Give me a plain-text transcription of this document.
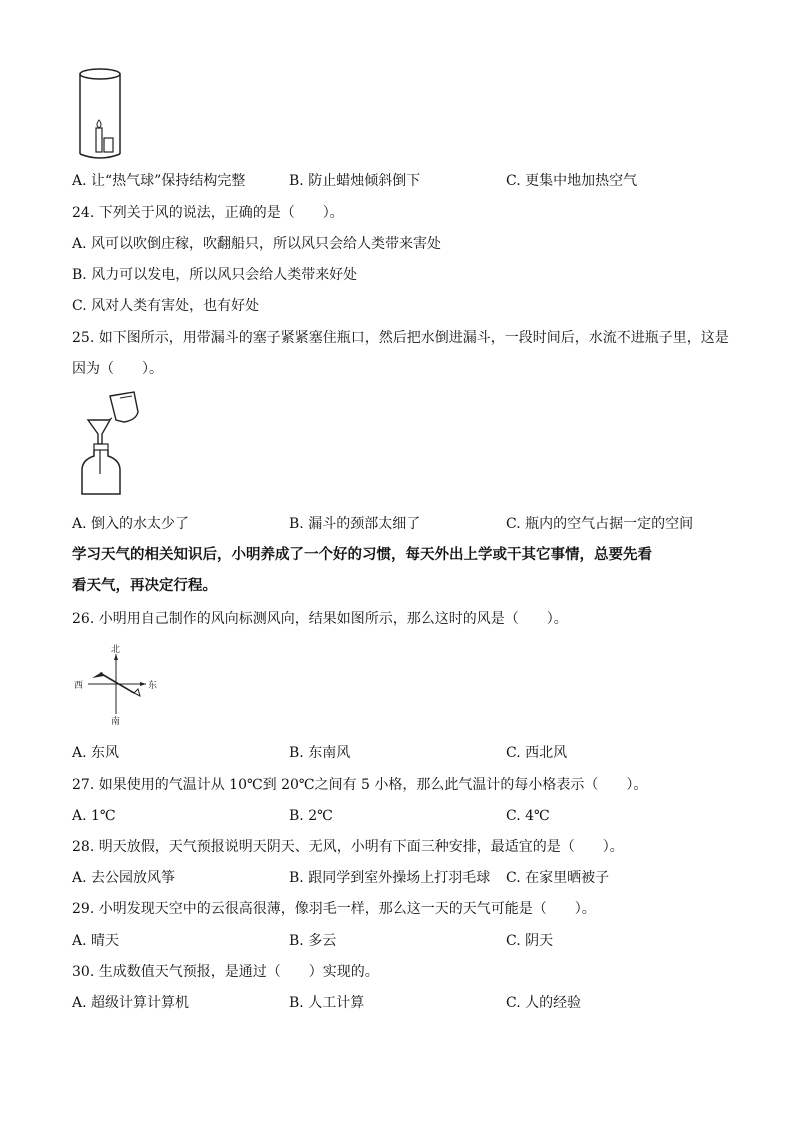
A. 让“热气球”保持结构完整	B. 防止蜡烛倾斜倒下	C. 更集中地加热空气
24. 下列关于风的说法，正确的是（　　）。
A. 风可以吹倒庄稼，吹翻船只，所以风只会给人类带来害处
B. 风力可以发电，所以风只会给人类带来好处
C. 风对人类有害处，也有好处
25. 如下图所示，用带漏斗的塞子紧紧塞住瓶口，然后把水倒进漏斗，一段时间后，水流不进瓶子里，这是
因为（　　）。
A. 倒入的水太少了	B. 漏斗的颈部太细了	C. 瓶内的空气占据一定的空间
学习天气的相关知识后，小明养成了一个好的习惯，每天外出上学或干其它事情，总要先看
看天气，再决定行程。
26. 小明用自己制作的风向标测风向，结果如图所示，那么这时的风是（　　）。
北
南
东
西
A. 东风	B. 东南风	C. 西北风
27. 如果使用的气温计从 10℃到 20℃之间有 5 小格，那么此气温计的每小格表示（　　）。
A. 1℃	B. 2℃	C. 4℃
28. 明天放假，天气预报说明天阴天、无风，小明有下面三种安排，最适宜的是（　　）。
A. 去公园放风筝	B. 跟同学到室外操场上打羽毛球 C. 在家里晒被子
29. 小明发现天空中的云很高很薄，像羽毛一样，那么这一天的天气可能是（　　）。
A. 晴天	B. 多云	C. 阴天
30. 生成数值天气预报，是通过（　　）实现的。
A. 超级计算计算机	B. 人工计算	C. 人的经验
